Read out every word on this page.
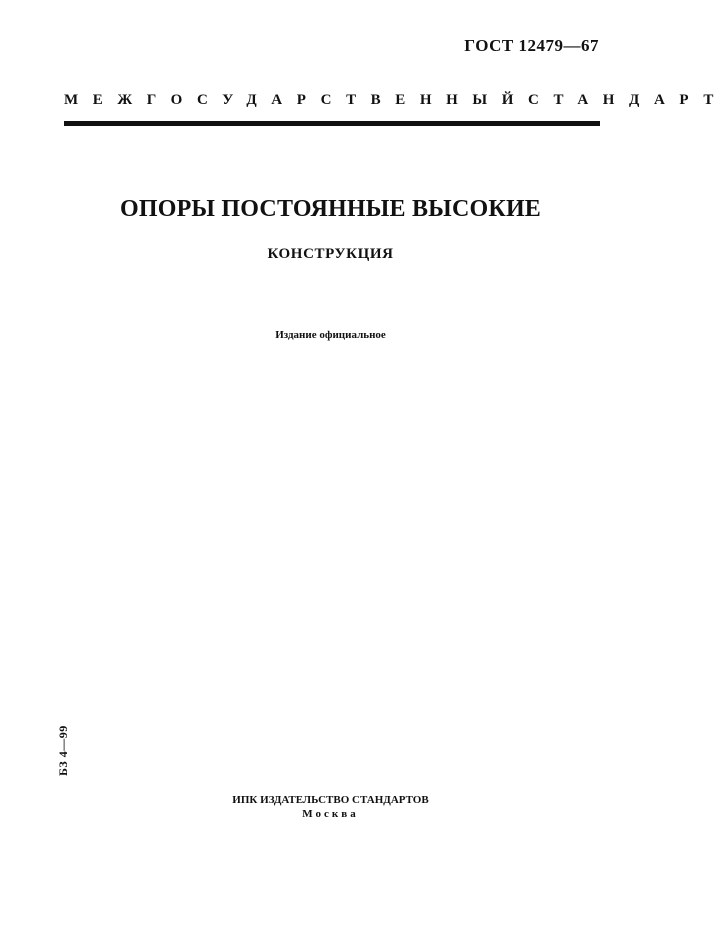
ГОСТ 12479—67
МЕЖГОСУДАРСТВЕННЫЙ СТАНДАРТ
ОПОРЫ ПОСТОЯННЫЕ ВЫСОКИЕ
КОНСТРУКЦИЯ
Издание официальное
БЗ 4—99
ИПК ИЗДАТЕЛЬСТВО СТАНДАРТОВ
Москва
